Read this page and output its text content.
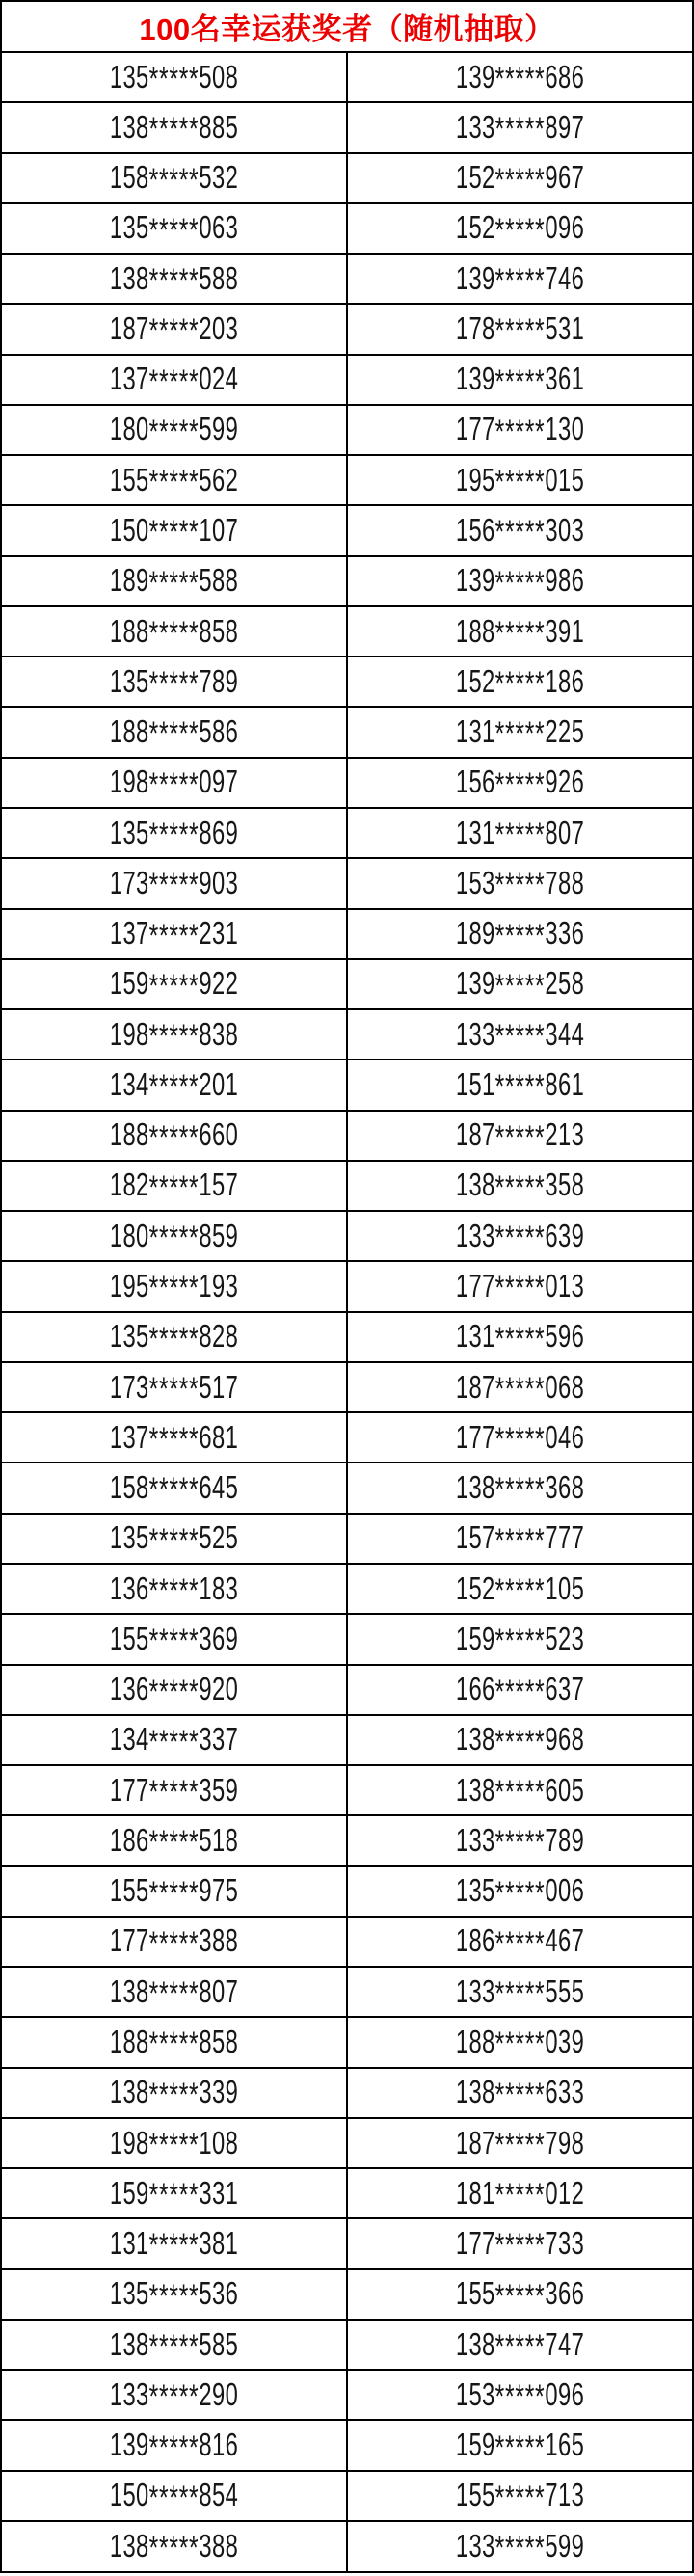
100名幸运获奖者（随机抽取）	
135*****508	139*****686
138*****885	133*****897
158*****532	152*****967
135*****063	152*****096
138*****588	139*****746
187*****203	178*****531
137*****024	139*****361
180*****599	177*****130
155*****562	195*****015
150*****107	156*****303
189*****588	139*****986
188*****858	188*****391
135*****789	152*****186
188*****586	131*****225
198*****097	156*****926
135*****869	131*****807
173*****903	153*****788
137*****231	189*****336
159*****922	139*****258
198*****838	133*****344
134*****201	151*****861
188*****660	187*****213
182*****157	138*****358
180*****859	133*****639
195*****193	177*****013
135*****828	131*****596
173*****517	187*****068
137*****681	177*****046
158*****645	138*****368
135*****525	157*****777
136*****183	152*****105
155*****369	159*****523
136*****920	166*****637
134*****337	138*****968
177*****359	138*****605
186*****518	133*****789
155*****975	135*****006
177*****388	186*****467
138*****807	133*****555
188*****858	188*****039
138*****339	138*****633
198*****108	187*****798
159*****331	181*****012
131*****381	177*****733
135*****536	155*****366
138*****585	138*****747
133*****290	153*****096
139*****816	159*****165
150*****854	155*****713
138*****388	133*****599
